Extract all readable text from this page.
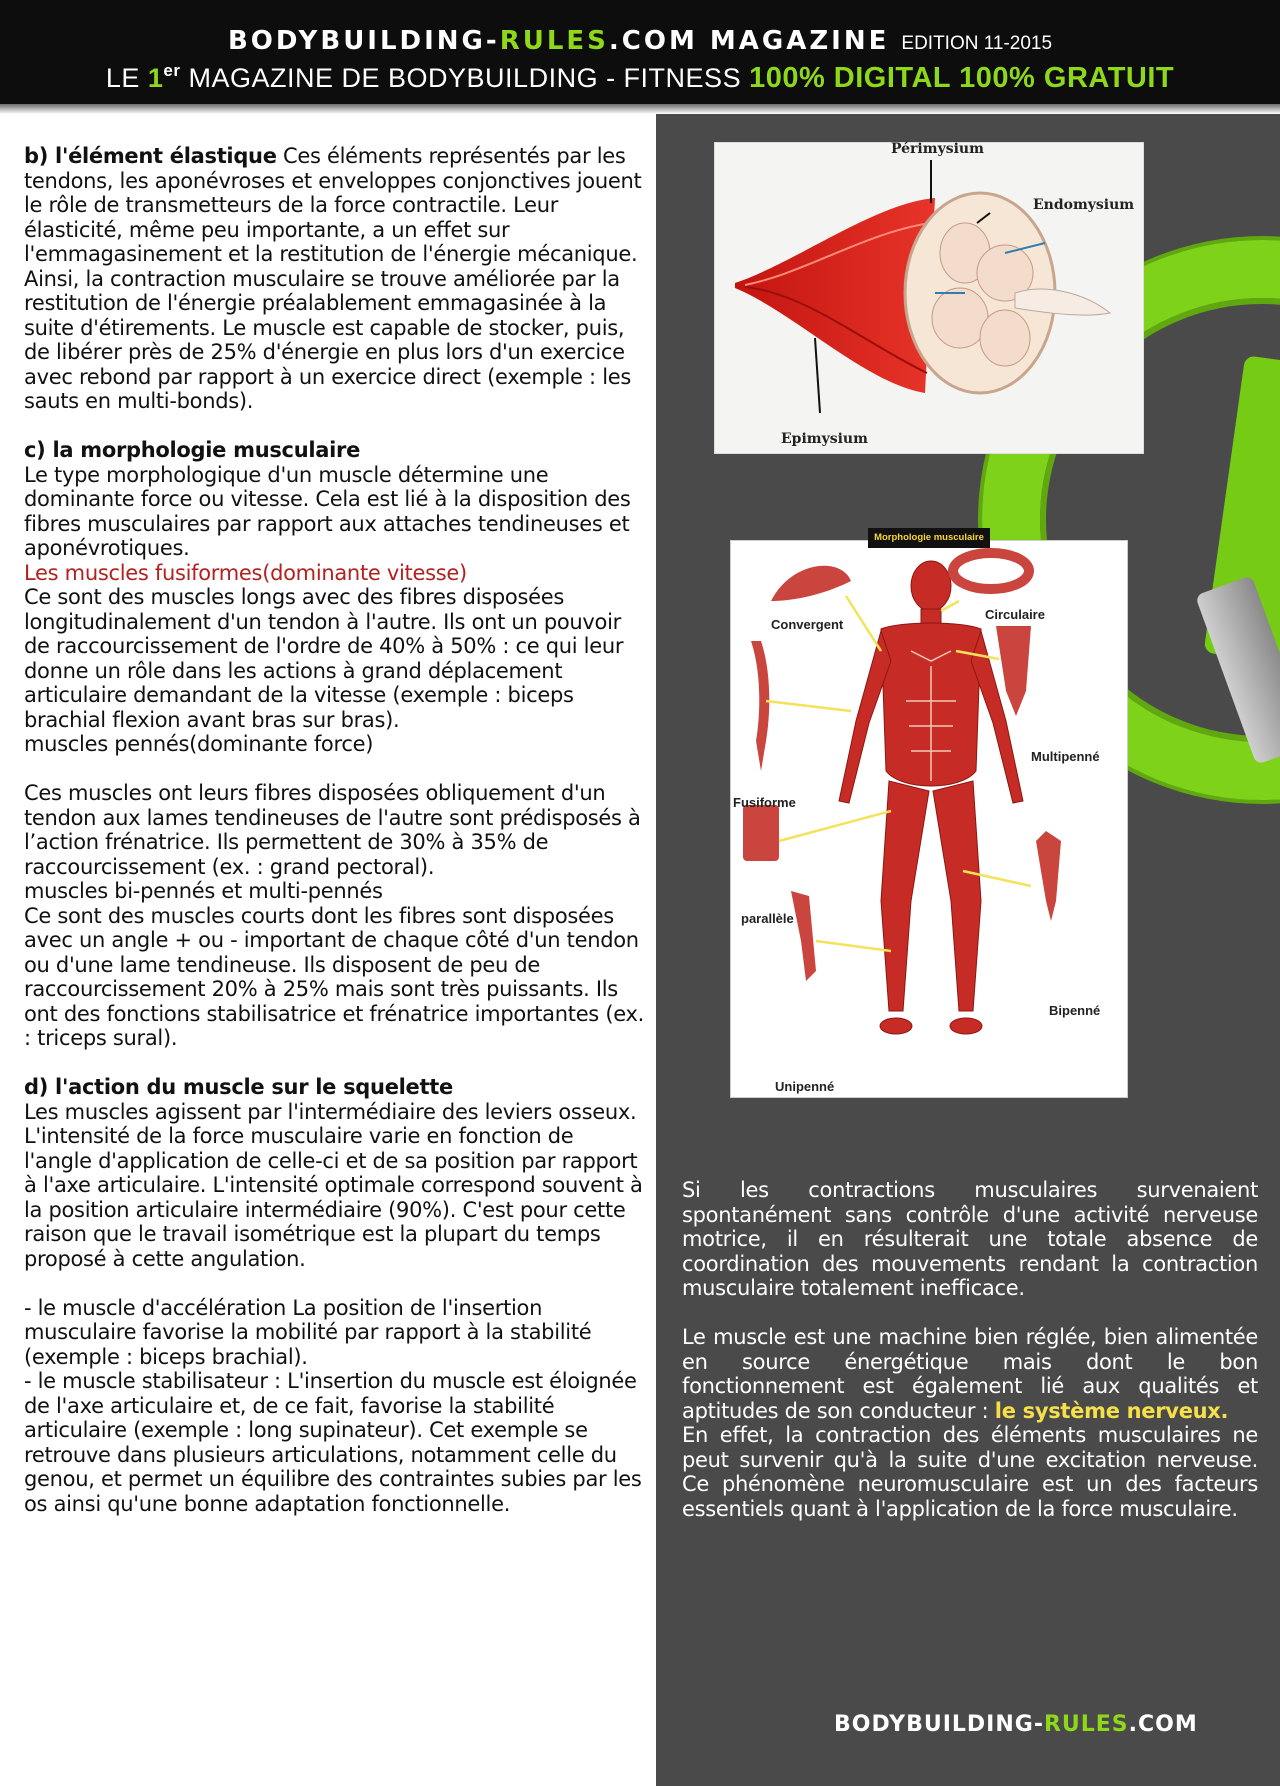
BODYBUILDING-RULES.COM MAGAZINE EDITION 11-2015
LE 1er MAGAZINE DE BODYBUILDING - FITNESS 100% DIGITAL 100% GRATUIT
Périmysium
Endomysium
Epimysium
Convergent
Circulaire
Multipenné
Fusiforme
parallèle
Bipenné
Unipenné
Morphologie musculaire

b) l'élément élastique Ces éléments représentés par les tendons, les aponévroses et enveloppes conjonctives jouent le rôle de transmetteurs de la force contractile. Leur élasticité, même peu importante, a un effet sur l'emmagasinement et la restitution de l'énergie mécanique. Ainsi, la contraction musculaire se trouve améliorée par la restitution de l'énergie préalablement emmagasinée à la suite d'étirements. Le muscle est capable de stocker, puis, de libérer près de 25% d'énergie en plus lors d'un exercice avec rebond par rapport à un exercice direct (exemple : les sauts en multi-bonds).

c) la morphologie musculaire

Le type morphologique d'un muscle détermine une dominante force ou vitesse. Cela est lié à la disposition des fibres musculaires par rapport aux attaches tendineuses et aponévrotiques.

Les muscles fusiformes(dominante vitesse)

Ce sont des muscles longs avec des fibres disposées longitudinalement d'un tendon à l'autre. Ils ont un pouvoir de raccourcissement de l'ordre de 40% à 50% : ce qui leur donne un rôle dans les actions à grand déplacement articulaire demandant de la vitesse (exemple : biceps brachial flexion avant bras sur bras).

muscles pennés(dominante force)

Ces muscles ont leurs fibres disposées obliquement d'un tendon aux lames tendineuses de l'autre sont prédisposés à l’action frénatrice. Ils permettent de 30% à 35% de raccourcissement (ex. : grand pectoral).

muscles bi-pennés et multi-pennés

Ce sont des muscles courts dont les fibres sont disposées avec un angle + ou - important de chaque côté d'un tendon ou d'une lame tendineuse. Ils disposent de peu de raccourcissement 20% à 25% mais sont très puissants. Ils ont des fonctions stabilisatrice et frénatrice importantes (ex. : triceps sural).

d) l'action du muscle sur le squelette

Les muscles agissent par l'intermédiaire des leviers osseux. L'intensité de la force musculaire varie en fonction de l'angle d'application de celle-ci et de sa position par rapport à l'axe articulaire. L'intensité optimale correspond souvent à la position articulaire intermédiaire (90%). C'est pour cette raison que le travail isométrique est la plupart du temps proposé à cette angulation.

- le muscle d'accélération La position de l'insertion musculaire favorise la mobilité par rapport à la stabilité (exemple : biceps brachial).

- le muscle stabilisateur : L'insertion du muscle est éloignée de l'axe articulaire et, de ce fait, favorise la stabilité articulaire (exemple : long supinateur). Cet exemple se retrouve dans plusieurs articulations, notamment celle du genou, et permet un équilibre des contraintes subies par les os ainsi qu'une bonne adaptation fonctionnelle.

Si les contractions musculaires survenaient spontanément sans contrôle d'une activité nerveuse motrice, il en résulterait une totale absence de coordination des mouvements rendant la contraction musculaire totalement inefficace.

Le muscle est une machine bien réglée, bien alimentée en source énergétique mais dont le bon fonctionnement est également lié aux qualités et aptitudes de son conducteur : le système nerveux.

En effet, la contraction des éléments musculaires ne peut survenir qu'à la suite d'une excitation nerveuse. Ce phénomène neuromusculaire est un des facteurs essentiels quant à l'application de la force musculaire.

BODYBUILDING-RULES.COM
